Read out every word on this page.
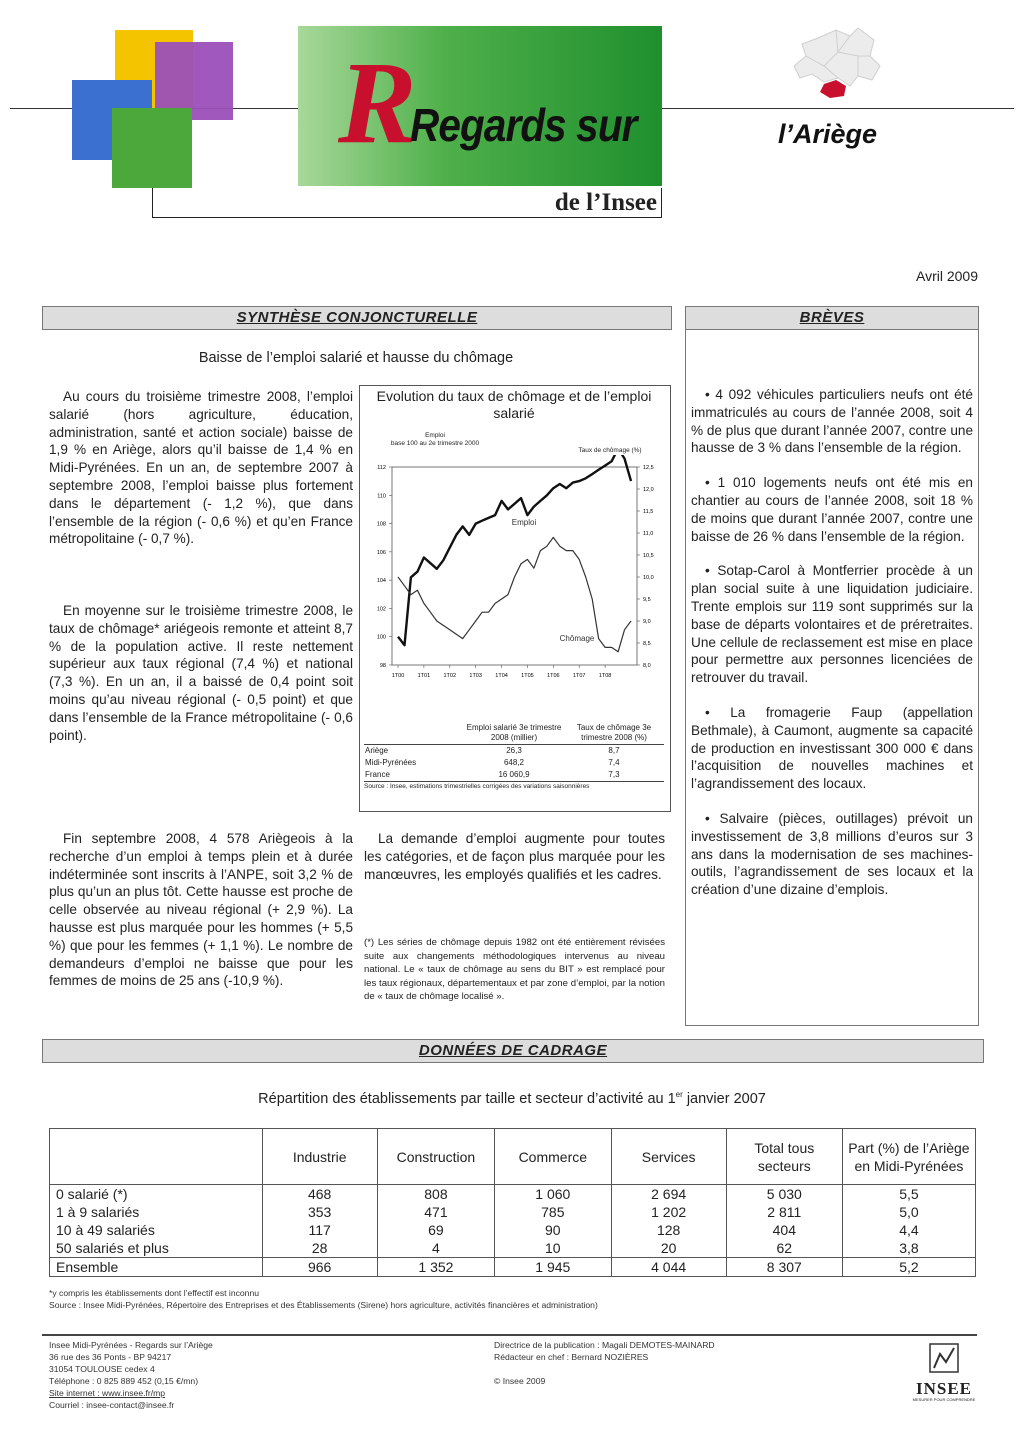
R
Regards sur
de l’Insee
l’Ariège
Avril 2009
SYNTHÈSE CONJONCTURELLE	BRÈVES
Baisse de l’emploi salarié et hausse du chômage

Au cours du troisième trimestre 2008, l’emploi salarié (hors agriculture, éducation, administration, santé et action sociale) baisse de 1,9 % en Ariège, alors qu’il baisse de 1,4 % en Midi-Pyrénées. En un an, de septembre 2007 à septembre 2008, l’emploi baisse plus fortement dans le département (- 1,2 %), que dans l’ensemble de la région (- 0,6 %) et qu’en France métropolitaine (- 0,7 %).

En moyenne sur le troisième trimestre 2008, le taux de chômage* ariégeois remonte et atteint 8,7 % de la population active. Il reste nettement supérieur aux taux régional (7,4 %) et national (7,3 %). En un an, il a baissé de 0,4 point soit moins qu’au niveau régional (- 0,5 point) et que dans l’ensemble de la France métropolitaine (- 0,6 point).

Fin septembre 2008, 4 578 Ariègeois à la recherche d’un emploi à temps plein et à durée indéterminée sont inscrits à l’ANPE, soit 3,2 % de plus qu’un an plus tôt. Cette hausse est proche de celle observée au niveau régional (+ 2,9 %). La hausse est plus marquée pour les hommes (+ 5,5 %) que pour les femmes (+ 1,1 %). Le nombre de demandeurs d’emploi ne baisse que pour les femmes de moins de 25 ans (-10,9 %).

La demande d’emploi augmente pour toutes les catégories, et de façon plus marquée pour les manœuvres, les employés qualifiés et les cadres.

(*) Les séries de chômage depuis 1982 ont été entièrement révisées suite aux changements méthodologiques intervenus au niveau national. Le « taux de chômage au sens du BIT » est remplacé pour les taux régionaux, départementaux et par zone d’emploi, par la notion de « taux de chômage localisé ».
Evolution du taux de chômage et de l’emploi salarié
Emploi
base 100 au 2e trimestre 2000
Taux de chômage (%)
98
100
102
104
106
108
110
112
8,0
8,5
9,0
9,5
10,0
10,5
11,0
11,5
12,0
12,5
1T00 1T01 1T02 1T03 1T04 1T05 1T06 1T07 1T08
Emploi
Chômage
	Emploi salarié 3e trimestre 2008 (millier)	Taux de chômage 3e trimestre 2008 (%)
Ariège	26,3	8,7
Midi-Pyrénées	648,2	7,4
France	16 060,9	7,3
Source : Insee, estimations trimestrielles corrigées des variations saisonnières

• 4 092 véhicules particuliers neufs ont été immatriculés au cours de l’année 2008, soit 4 % de plus que durant l’année 2007, contre une hausse de 3 % dans l’ensemble de la région.

• 1 010 logements neufs ont été mis en chantier au cours de l’année 2008, soit 18 % de moins que durant l’année 2007, contre une baisse de 26 % dans l’ensemble de la région.

• Sotap-Carol à Montferrier procède à un plan social suite à une liquidation judiciaire. Trente emplois sur 119 sont supprimés sur la base de départs volontaires et de préretraites. Une cellule de reclassement est mise en place pour permettre aux personnes licenciées de retrouver du travail.

• La fromagerie Faup (appellation Bethmale), à Caumont, augmente sa capacité de production en investissant 300 000 € dans l’acquisition de nouvelles machines et l’agrandissement des locaux.

• Salvaire (pièces, outillages) prévoit un investissement de 3,8 millions d’euros sur 3 ans dans la modernisation de ses machines-outils, l’agrandissement de ses locaux et la création d’une dizaine d’emplois.

DONNÉES DE CADRAGE
Répartition des établissements par taille et secteur d’activité au 1er janvier 2007
	Industrie	Construction	Commerce	Services	Total tous secteurs	Part (%) de l’Ariège en Midi-Pyrénées
0 salarié (*)	468	808	1 060	2 694	5 030	5,5
1 à 9 salariés	353	471	785	1 202	2 811	5,0
10 à 49 salariés	117	69	90	128	404	4,4
50 salariés et plus	28	4	10	20	62	3,8
Ensemble	966	1 352	1 945	4 044	8 307	5,2
*y compris les établissements dont l’effectif est inconnu
Source : Insee Midi-Pyrénées, Répertoire des Entreprises et des Établissements (Sirene) hors agriculture, activités financières et administration)
Insee Midi-Pyrénées - Regards sur l’Ariège
36 rue des 36 Ponts - BP 94217
31054 TOULOUSE cedex 4
Téléphone : 0 825 889 452 (0,15 €/mn)
Site internet : www.insee.fr/mp
Courriel : insee-contact@insee.fr
Directrice de la publication : Magali DEMOTES-MAINARD
Rédacteur en chef : Bernard NOZIÈRES
© Insee 2009	INSEE
MESURER POUR COMPRENDRE
